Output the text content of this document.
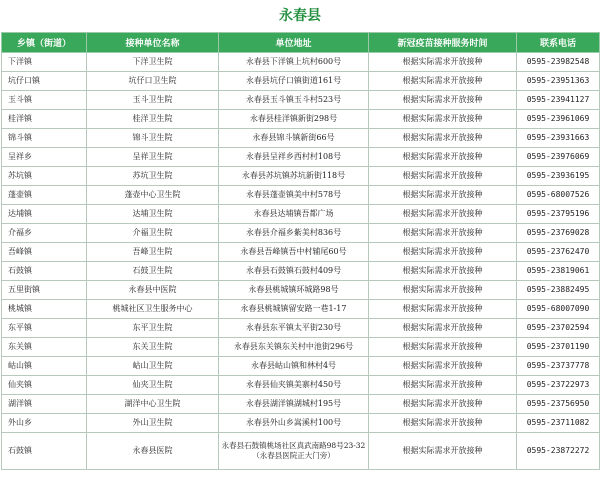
永春县
乡镇（街道）	接种单位名称	单位地址	新冠疫苗接种服务时间	联系电话
下洋镇	下洋卫生院	永春县下洋镇上坑村600号	根据实际需求开放接种	0595-23982548
坑仔口镇	坑仔口卫生院	永春县坑仔口镇街道161号	根据实际需求开放接种	0595-23951363
玉斗镇	玉斗卫生院	永春县玉斗镇玉斗村523号	根据实际需求开放接种	0595-23941127
桂洋镇	桂洋卫生院	永春县桂洋镇新街298号	根据实际需求开放接种	0595-23961069
锦斗镇	锦斗卫生院	永春县锦斗镇新街66号	根据实际需求开放接种	0595-23931663
呈祥乡	呈祥卫生院	永春县呈祥乡西村村108号	根据实际需求开放接种	0595-23976069
苏坑镇	苏坑卫生院	永春县苏坑镇苏坑新街118号	根据实际需求开放接种	0595-23936195
蓬壶镇	蓬壶中心卫生院	永春县蓬壶镇美中村578号	根据实际需求开放接种	0595-68007526
达埔镇	达埔卫生院	永春县达埔镇吾都广场	根据实际需求开放接种	0595-23795196
介福乡	介福卫生院	永春县介福乡紫美村836号	根据实际需求开放接种	0595-23769028
吾峰镇	吾峰卫生院	永春县吾峰镇吾中村辅尾60号	根据实际需求开放接种	0595-23762470
石鼓镇	石鼓卫生院	永春县石鼓镇石鼓村409号	根据实际需求开放接种	0595-23819061
五里街镇	永春县中医院	永春县桃城镇环城路98号	根据实际需求开放接种	0595-23882495
桃城镇	桃城社区卫生服务中心	永春县桃城镇留安路一巷1-17	根据实际需求开放接种	0595-68007090
东平镇	东平卫生院	永春县东平镇太平街230号	根据实际需求开放接种	0595-23702594
东关镇	东关卫生院	永春县东关镇东关村中池街296号	根据实际需求开放接种	0595-23701190
岵山镇	岵山卫生院	永春县岵山镇和林村4号	根据实际需求开放接种	0595-23737778
仙夹镇	仙夹卫生院	永春县仙夹镇美寨村450号	根据实际需求开放接种	0595-23722973
湖洋镇	湖洋中心卫生院	永春县湖洋镇湖城村195号	根据实际需求开放接种	0595-23756950
外山乡	外山卫生院	永春县外山乡嵩溪村100号	根据实际需求开放接种	0595-23711082
石鼓镇	永春县医院	永春县石鼓镇桃场社区真武南路98号23-32 （永春县医院正大门旁）	根据实际需求开放接种	0595-23872272
